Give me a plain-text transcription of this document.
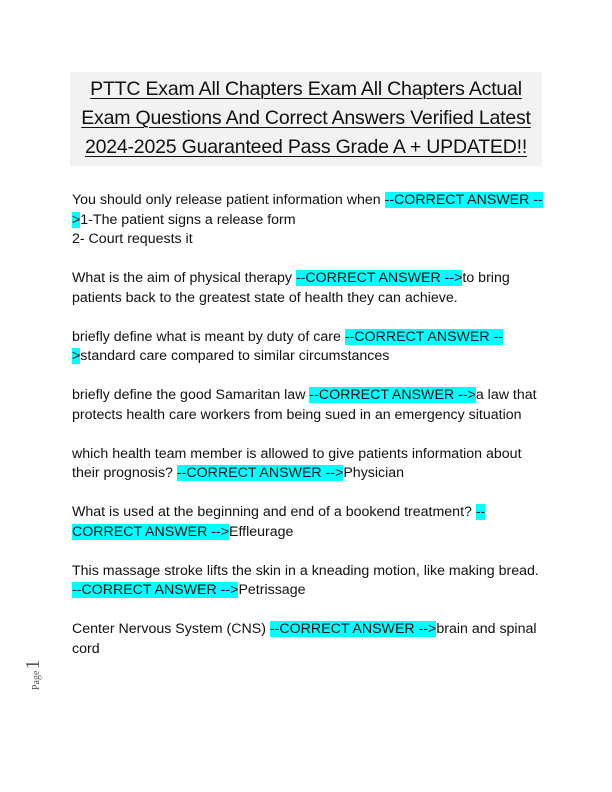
PTTC Exam All Chapters Exam All Chapters Actual
Exam Questions And Correct Answers Verified Latest
2024-2025 Guaranteed Pass Grade A + UPDATED!!
You should only release patient information when --CORRECT ANSWER -->1-The patient signs a release form
2- Court requests it
What is the aim of physical therapy --CORRECT ANSWER -->to bring patients back to the greatest state of health they can achieve.
briefly define what is meant by duty of care --CORRECT ANSWER -->standard care compared to similar circumstances
briefly define the good Samaritan law --CORRECT ANSWER -->a law that protects health care workers from being sued in an emergency situation
which health team member is allowed to give patients information about their prognosis? --CORRECT ANSWER -->Physician
What is used at the beginning and end of a bookend treatment? --CORRECT ANSWER -->Effleurage
This massage stroke lifts the skin in a kneading motion, like making bread. --CORRECT ANSWER -->Petrissage
Center Nervous System (CNS) --CORRECT ANSWER -->brain and spinal cord
Page1
